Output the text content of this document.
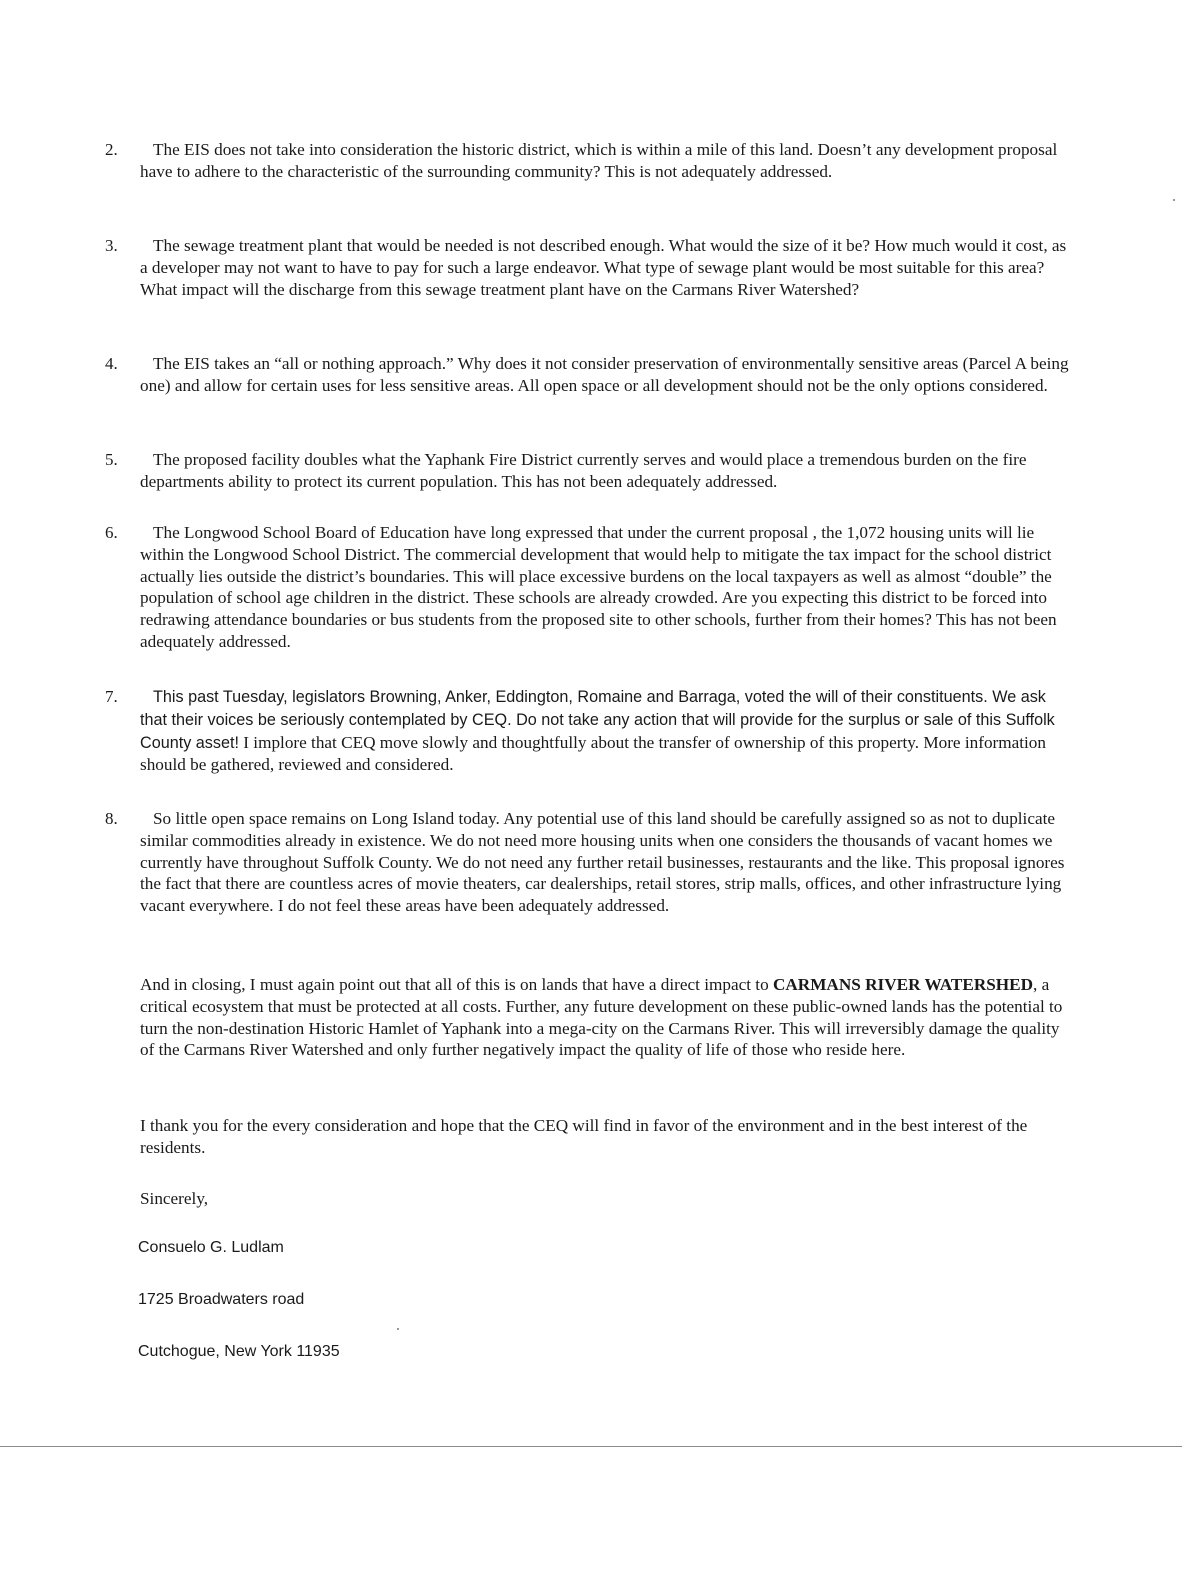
2.	The EIS does not take into consideration the historic district, which is within a mile of this land. Doesn’t any development proposal have to adhere to the characteristic of the surrounding community? This is not adequately addressed.
3.	The sewage treatment plant that would be needed is not described enough. What would the size of it be? How much would it cost, as a developer may not want to have to pay for such a large endeavor. What type of sewage plant would be most suitable for this area? What impact will the discharge from this sewage treatment plant have on the Carmans River Watershed?
4.	The EIS takes an “all or nothing approach.” Why does it not consider preservation of environmentally sensitive areas (Parcel A being one) and allow for certain uses for less sensitive areas. All open space or all development should not be the only options considered.
5.	The proposed facility doubles what the Yaphank Fire District currently serves and would place a tremendous burden on the fire departments ability to protect its current population. This has not been adequately addressed.
6.	The Longwood School Board of Education have long expressed that under the current proposal , the 1,072 housing units will lie within the Longwood School District. The commercial development that would help to mitigate the tax impact for the school district actually lies outside the district’s boundaries. This will place excessive burdens on the local taxpayers as well as almost “double” the population of school age children in the district. These schools are already crowded. Are you expecting this district to be forced into redrawing attendance boundaries or bus students from the proposed site to other schools, further from their homes? This has not been adequately addressed.
7.	This past Tuesday, legislators Browning, Anker, Eddington, Romaine and Barraga, voted the will of their constituents. We ask that their voices be seriously contemplated by CEQ. Do not take any action that will provide for the surplus or sale of this Suffolk County asset! I implore that CEQ move slowly and thoughtfully about the transfer of ownership of this property. More information should be gathered, reviewed and considered.
8.	So little open space remains on Long Island today. Any potential use of this land should be carefully assigned so as not to duplicate similar commodities already in existence. We do not need more housing units when one considers the thousands of vacant homes we currently have throughout Suffolk County. We do not need any further retail businesses, restaurants and the like. This proposal ignores the fact that there are countless acres of movie theaters, car dealerships, retail stores, strip malls, offices, and other infrastructure lying vacant everywhere. I do not feel these areas have been adequately addressed.
And in closing, I must again point out that all of this is on lands that have a direct impact to CARMANS RIVER WATERSHED, a critical ecosystem that must be protected at all costs. Further, any future development on these public-owned lands has the potential to turn the non-destination Historic Hamlet of Yaphank into a mega-city on the Carmans River. This will irreversibly damage the quality of the Carmans River Watershed and only further negatively impact the quality of life of those who reside here.
I thank you for the every consideration and hope that the CEQ will find in favor of the environment and in the best interest of the residents.
Sincerely,
Consuelo G. Ludlam
1725 Broadwaters road
Cutchogue, New York 11935
